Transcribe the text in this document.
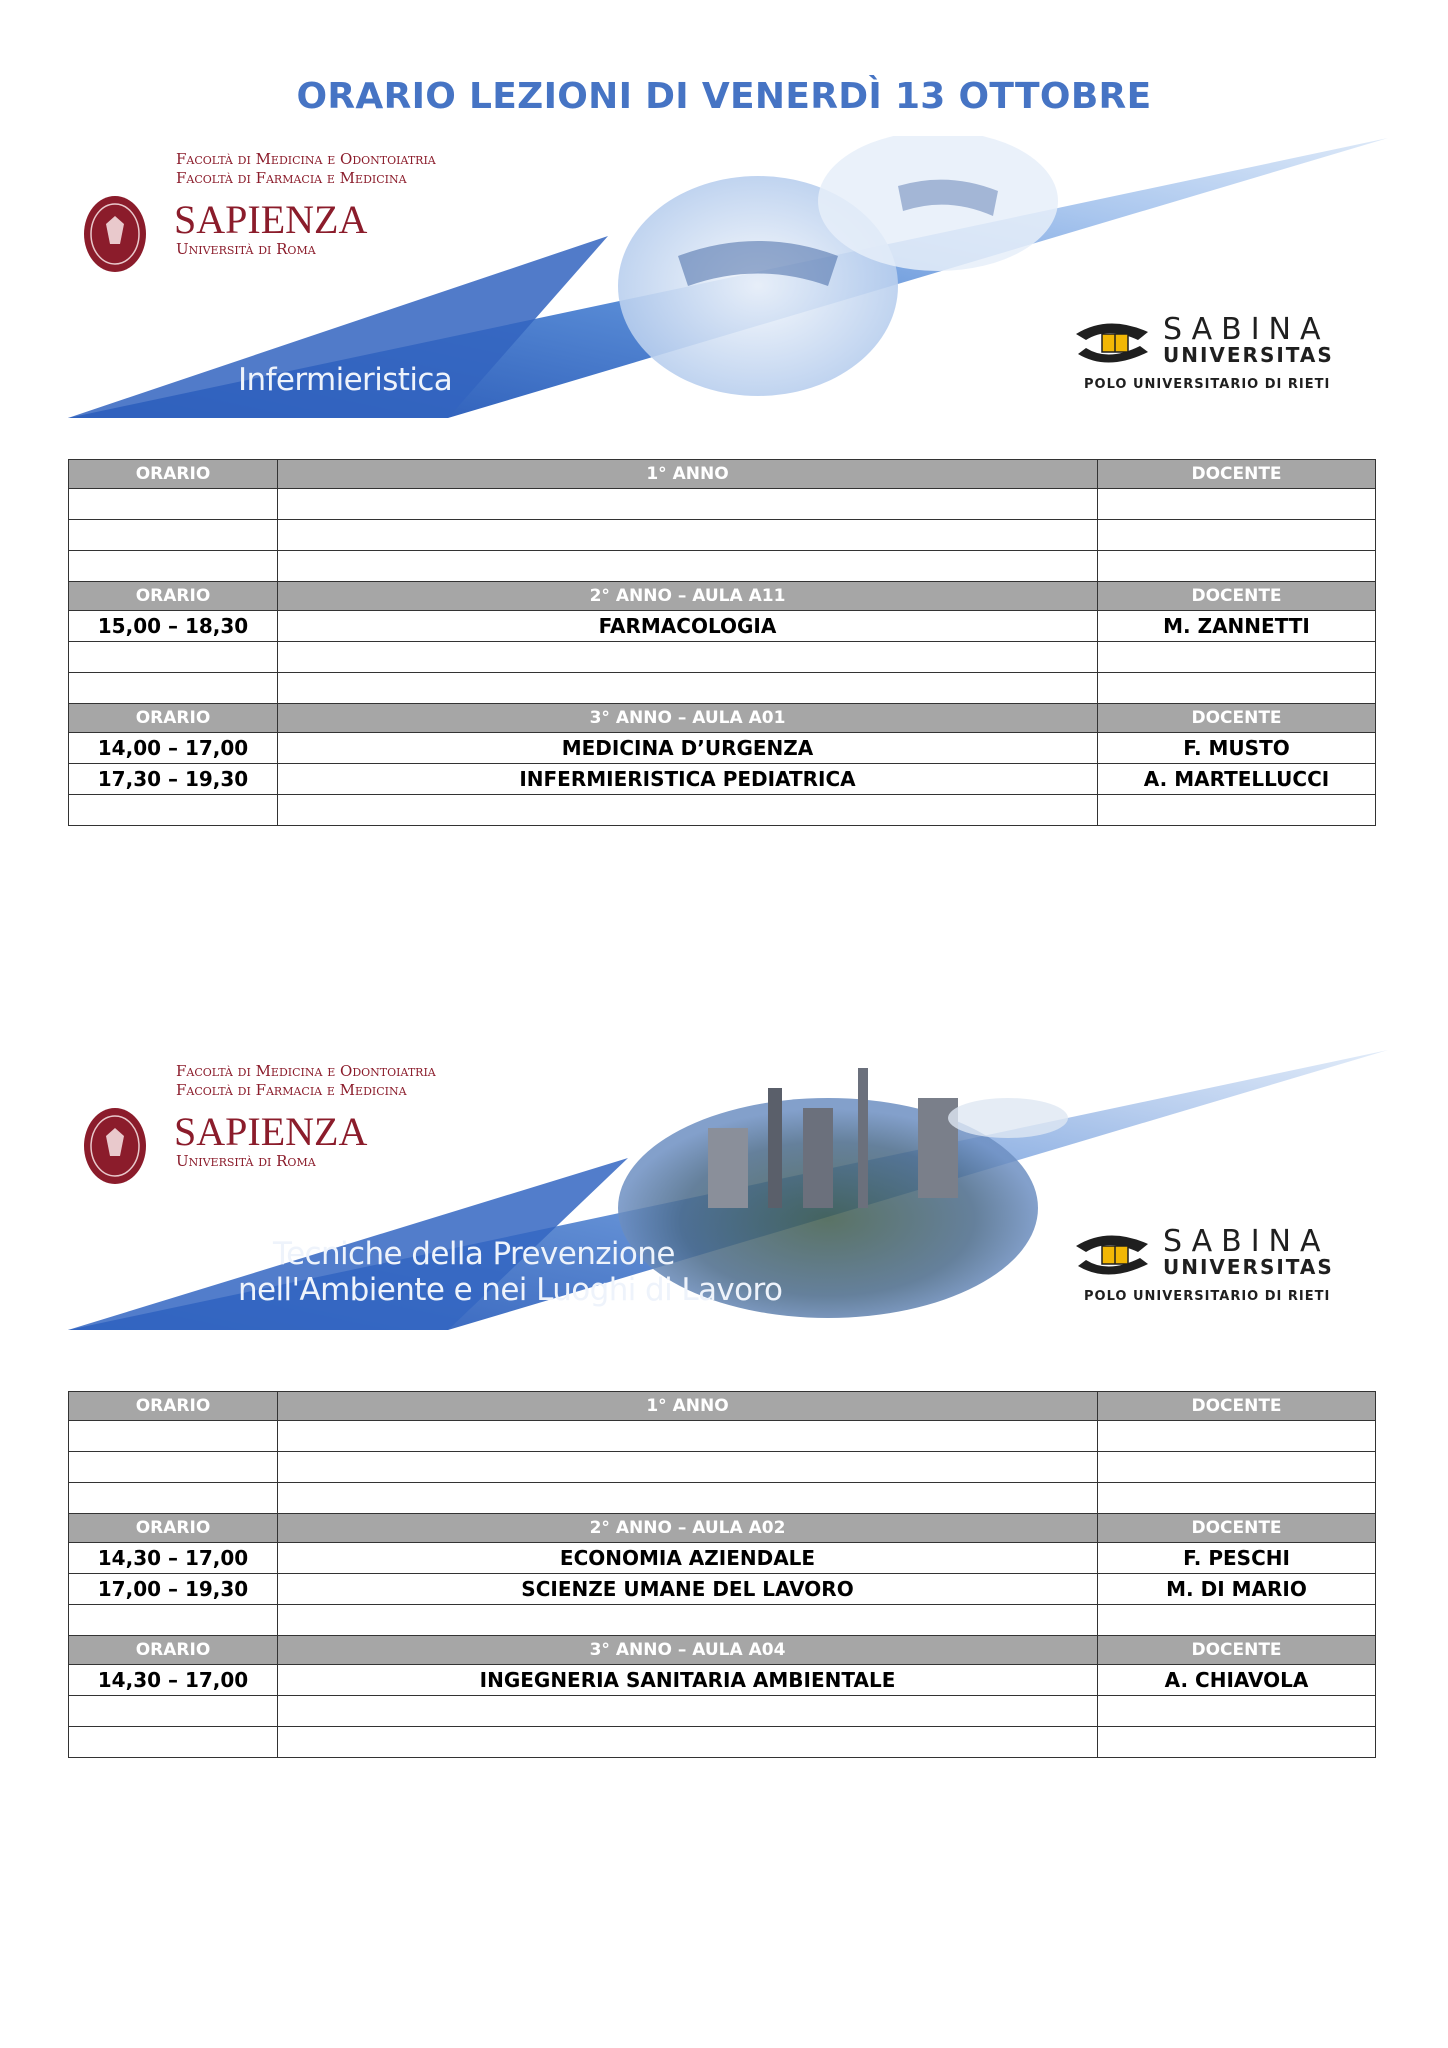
ORARIO LEZIONI DI VENERDÌ 13 OTTOBRE
Facoltà di Medicina e Odontoiatria
Facoltà di Farmacia e Medicina
SAPIENZA
Università di Roma
Infermieristica
SABINA
UNIVERSITAS
POLO UNIVERSITARIO DI RIETI
ORARIO	1° ANNO	DOCENTE

ORARIO	2° ANNO – AULA A11	DOCENTE
15,00 – 18,30	FARMACOLOGIA	M. ZANNETTI

ORARIO	3° ANNO – AULA A01	DOCENTE
14,00 – 17,00	MEDICINA D’URGENZA	F. MUSTO
17,30 – 19,30	INFERMIERISTICA PEDIATRICA	A. MARTELLUCCI

Facoltà di Medicina e Odontoiatria
Facoltà di Farmacia e Medicina
SAPIENZA
Università di Roma
Tecniche della Prevenzione
nell'Ambiente e nei Luoghi di Lavoro
SABINA
UNIVERSITAS
POLO UNIVERSITARIO DI RIETI
ORARIO	1° ANNO	DOCENTE

ORARIO	2° ANNO – AULA A02	DOCENTE
14,30 – 17,00	ECONOMIA AZIENDALE	F. PESCHI
17,00 – 19,30	SCIENZE UMANE DEL LAVORO	M. DI MARIO

ORARIO	3° ANNO – AULA A04	DOCENTE
14,30 – 17,00	INGEGNERIA SANITARIA AMBIENTALE	A. CHIAVOLA
